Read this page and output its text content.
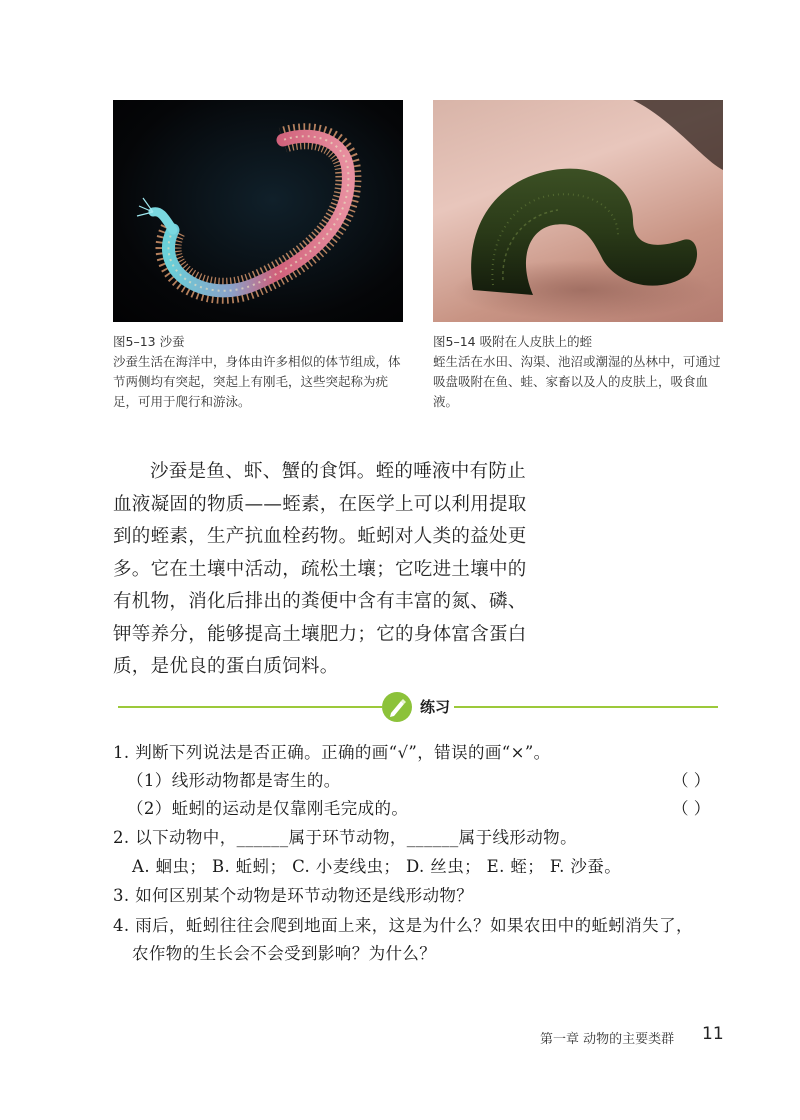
图5–13 沙蚕
沙蚕生活在海洋中，身体由许多相似的体节组成，体节两侧均有突起，突起上有刚毛，这些突起称为疣足，可用于爬行和游泳。
图5–14 吸附在人皮肤上的蛭
蛭生活在水田、沟渠、池沼或潮湿的丛林中，可通过吸盘吸附在鱼、蛙、家畜以及人的皮肤上，吸食血液。
沙蚕是鱼、虾、蟹的食饵。蛭的唾液中有防止血液凝固的物质——蛭素，在医学上可以利用提取到的蛭素，生产抗血栓药物。蚯蚓对人类的益处更多。它在土壤中活动，疏松土壤；它吃进土壤中的有机物，消化后排出的粪便中含有丰富的氮、磷、钾等养分，能够提高土壤肥力；它的身体富含蛋白质，是优良的蛋白质饲料。
练习
1. 判断下列说法是否正确。正确的画“√”，错误的画“×”。
（1）线形动物都是寄生的。	（ ）
（2）蚯蚓的运动是仅靠刚毛完成的。	（ ）
2. 以下动物中，______属于环节动物，______属于线形动物。
A. 蛔虫； B. 蚯蚓； C. 小麦线虫； D. 丝虫； E. 蛭； F. 沙蚕。
3. 如何区别某个动物是环节动物还是线形动物？
4. 雨后，蚯蚓往往会爬到地面上来，这是为什么？如果农田中的蚯蚓消失了，
农作物的生长会不会受到影响？为什么？
第一章 动物的主要类群 11
